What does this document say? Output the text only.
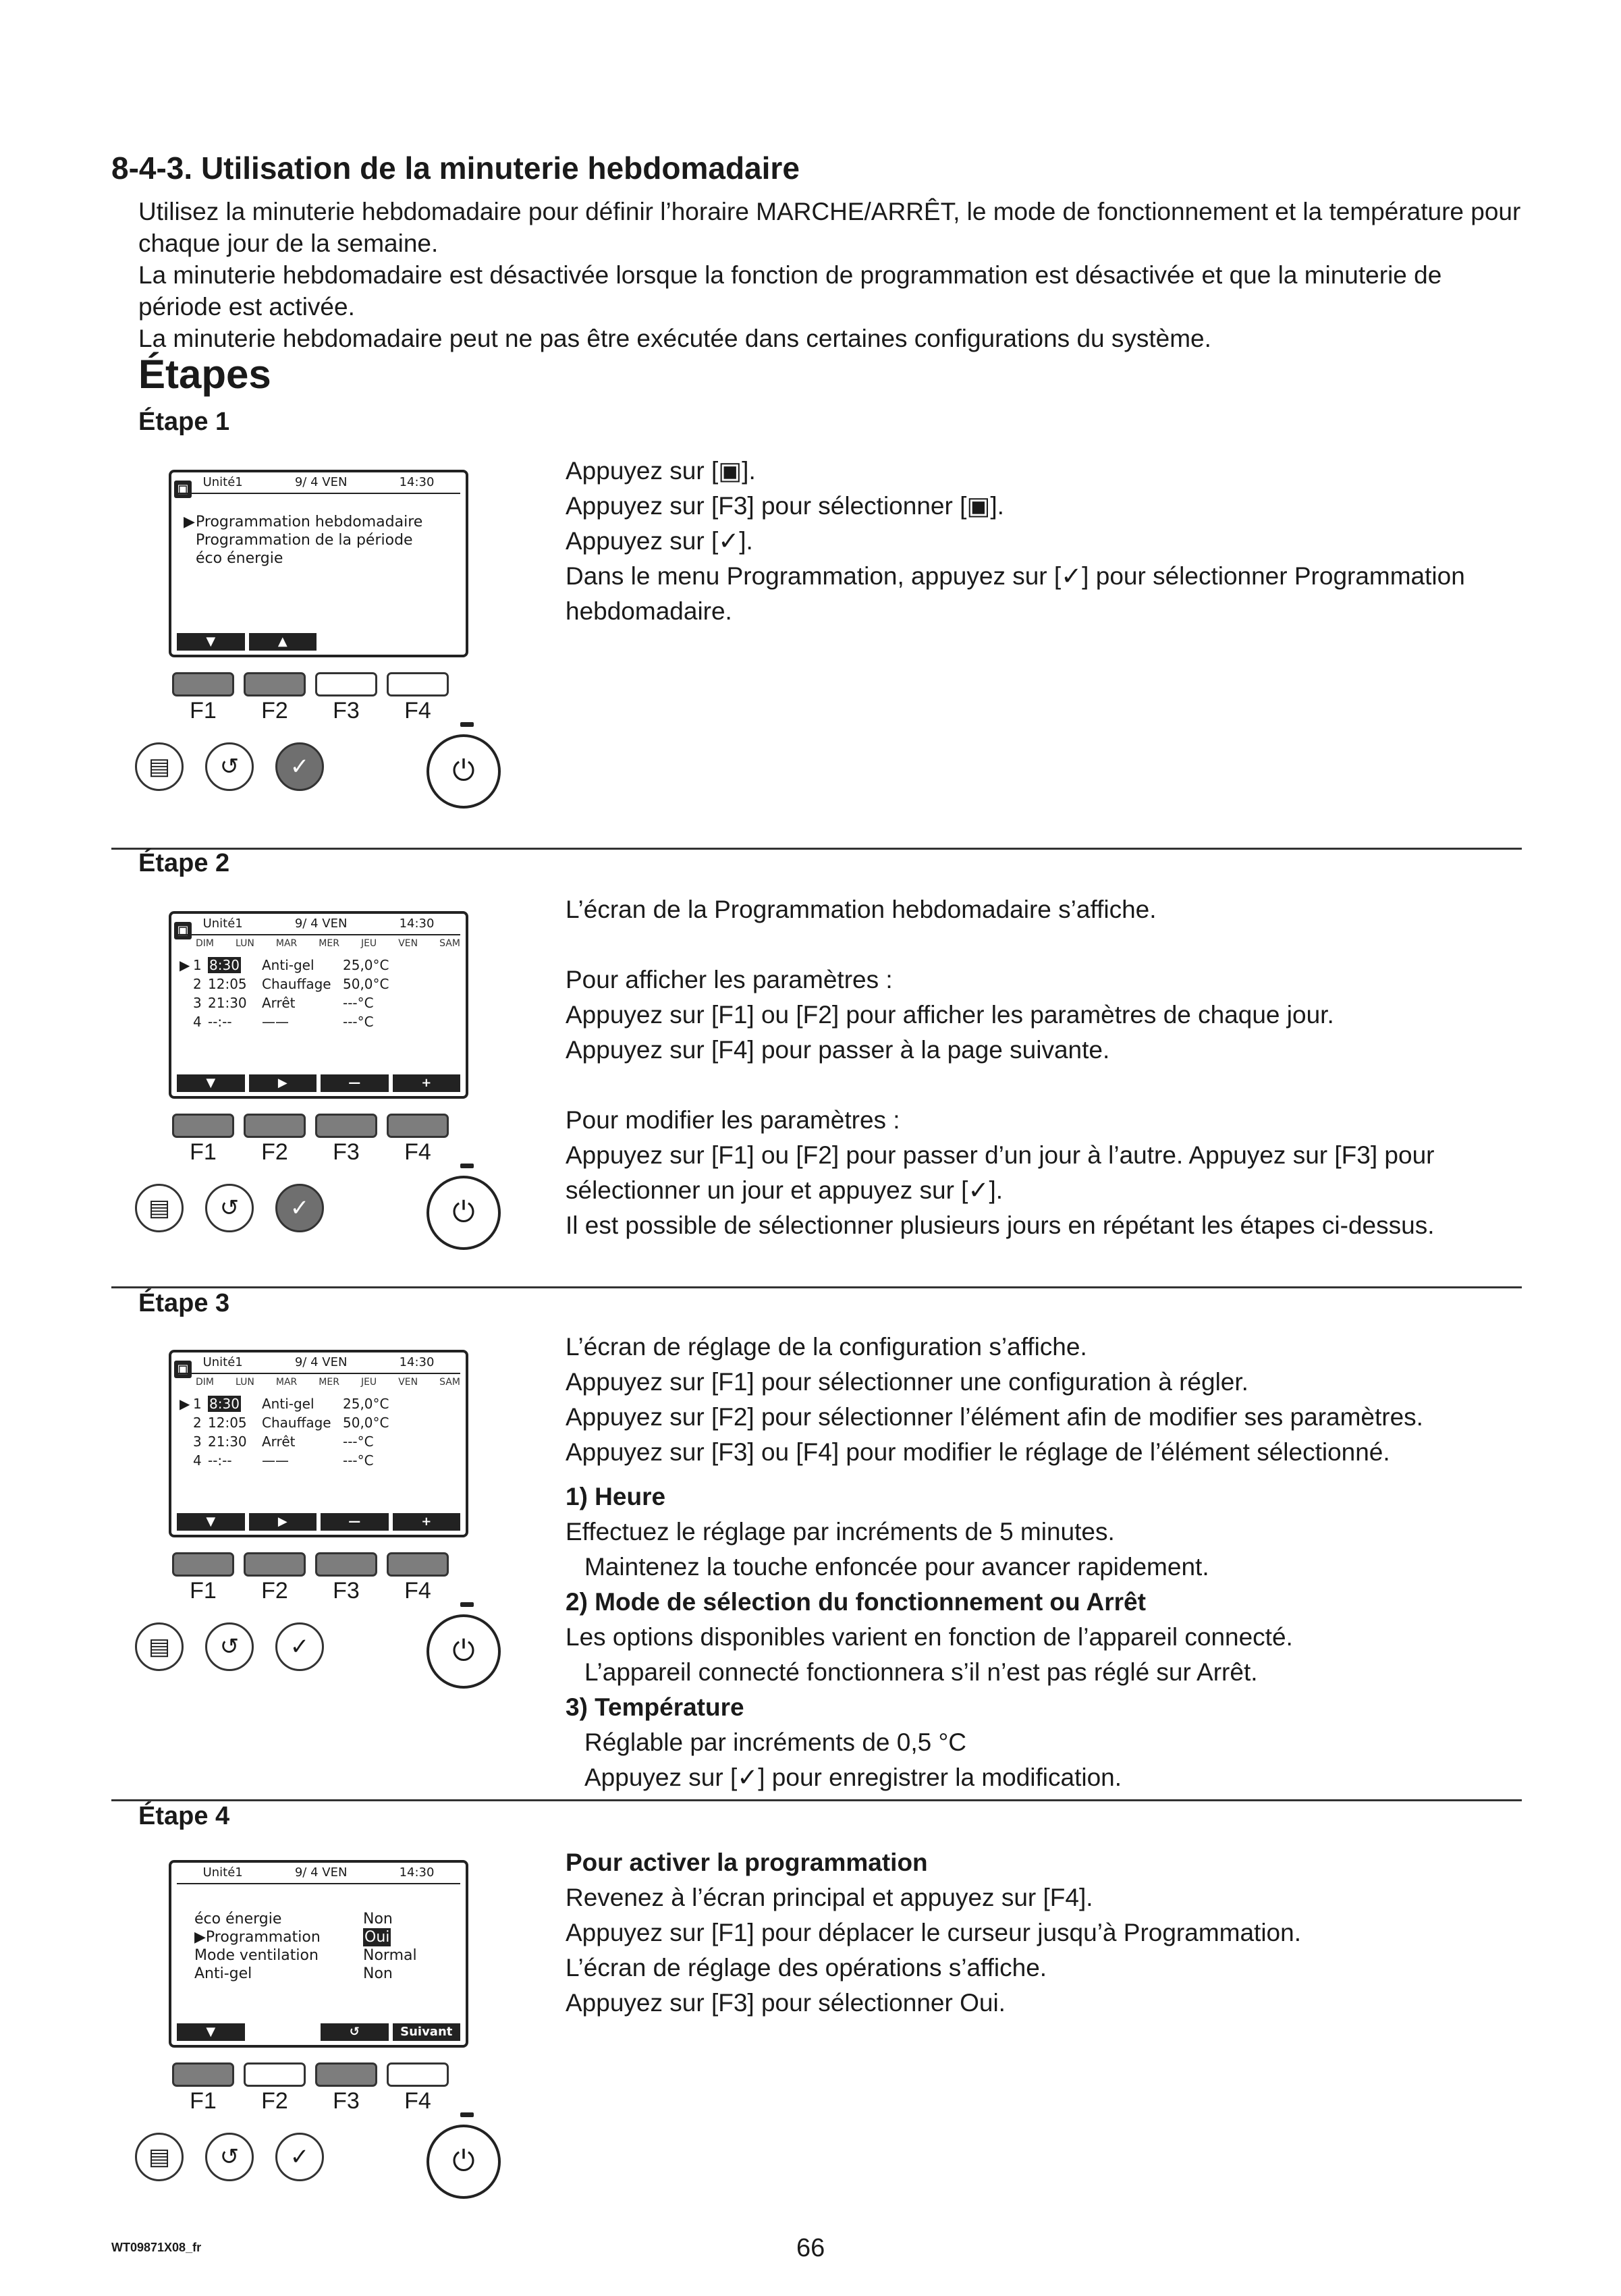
8-4-3. Utilisation de la minuterie hebdomadaire

Utilisez la minuterie hebdomadaire pour définir l’horaire MARCHE/ARRÊT, le mode de fonctionnement et la température pour chaque jour de la semaine.

La minuterie hebdomadaire est désactivée lorsque la fonction de programmation est désactivée et que la minuterie de période est activée.

La minuterie hebdomadaire peut ne pas être exécutée dans certaines configurations du système.

Étapes
Étape 1
▣ Unité1	9/ 4 VEN	14:30
▶ Programmation hebdomadaire
Programmation de la période
éco énergie
▼	▲
F1	F2	F3	F4
▤	↺	✓	⏻

Appuyez sur [▣].

Appuyez sur [F3] pour sélectionner [▣].

Appuyez sur [✓].

Dans le menu Programmation, appuyez sur [✓] pour sélectionner Programmation hebdomadaire.

Étape 2
▣ Unité1	9/ 4 VEN	14:30
DIM LUN MAR MER JEU VEN SAM
▶ 1 8:30	Anti-gel	25,0°C
2 12:05	Chauffage 50,0°C
3 21:30	Arrêt	---°C
4 --:--	——	---°C
▼	▶	—	+
F1	F2	F3	F4
▤	↺	✓	⏻

L’écran de la Programmation hebdomadaire s’affiche.

Pour afficher les paramètres :

Appuyez sur [F1] ou [F2] pour afficher les paramètres de chaque jour.

Appuyez sur [F4] pour passer à la page suivante.

Pour modifier les paramètres :

Appuyez sur [F1] ou [F2] pour passer d’un jour à l’autre. Appuyez sur [F3] pour sélectionner un jour et appuyez sur [✓].

Il est possible de sélectionner plusieurs jours en répétant les étapes ci-dessus.

Étape 3
▣ Unité1	9/ 4 VEN	14:30
DIM LUN MAR MER JEU VEN SAM
▶ 1 8:30	Anti-gel	25,0°C
2 12:05	Chauffage 50,0°C
3 21:30	Arrêt	---°C
4 --:--	——	---°C
▼	▶	—	+
F1	F2	F3	F4
▤	↺	✓	⏻

L’écran de réglage de la configuration s’affiche.

Appuyez sur [F1] pour sélectionner une configuration à régler.

Appuyez sur [F2] pour sélectionner l’élément afin de modifier ses paramètres.

Appuyez sur [F3] ou [F4] pour modifier le réglage de l’élément sélectionné.

1) Heure

Effectuez le réglage par incréments de 5 minutes.

Maintenez la touche enfoncée pour avancer rapidement.

2) Mode de sélection du fonctionnement ou Arrêt

Les options disponibles varient en fonction de l’appareil connecté.

L’appareil connecté fonctionnera s’il n’est pas réglé sur Arrêt.

3) Température

Réglable par incréments de 0,5 °C

Appuyez sur [✓] pour enregistrer la modification.

Étape 4
Unité1	9/ 4 VEN	14:30
éco énergie	Non
▶Programmation	Oui
Mode ventilation	Normal
Anti-gel	Non
▼	↺	Suivant
F1	F2	F3	F4
▤	↺	✓	⏻

Pour activer la programmation

Revenez à l’écran principal et appuyez sur [F4].

Appuyez sur [F1] pour déplacer le curseur jusqu’à Programmation.

L’écran de réglage des opérations s’affiche.

Appuyez sur [F3] pour sélectionner Oui.

WT09871X08_fr	66
